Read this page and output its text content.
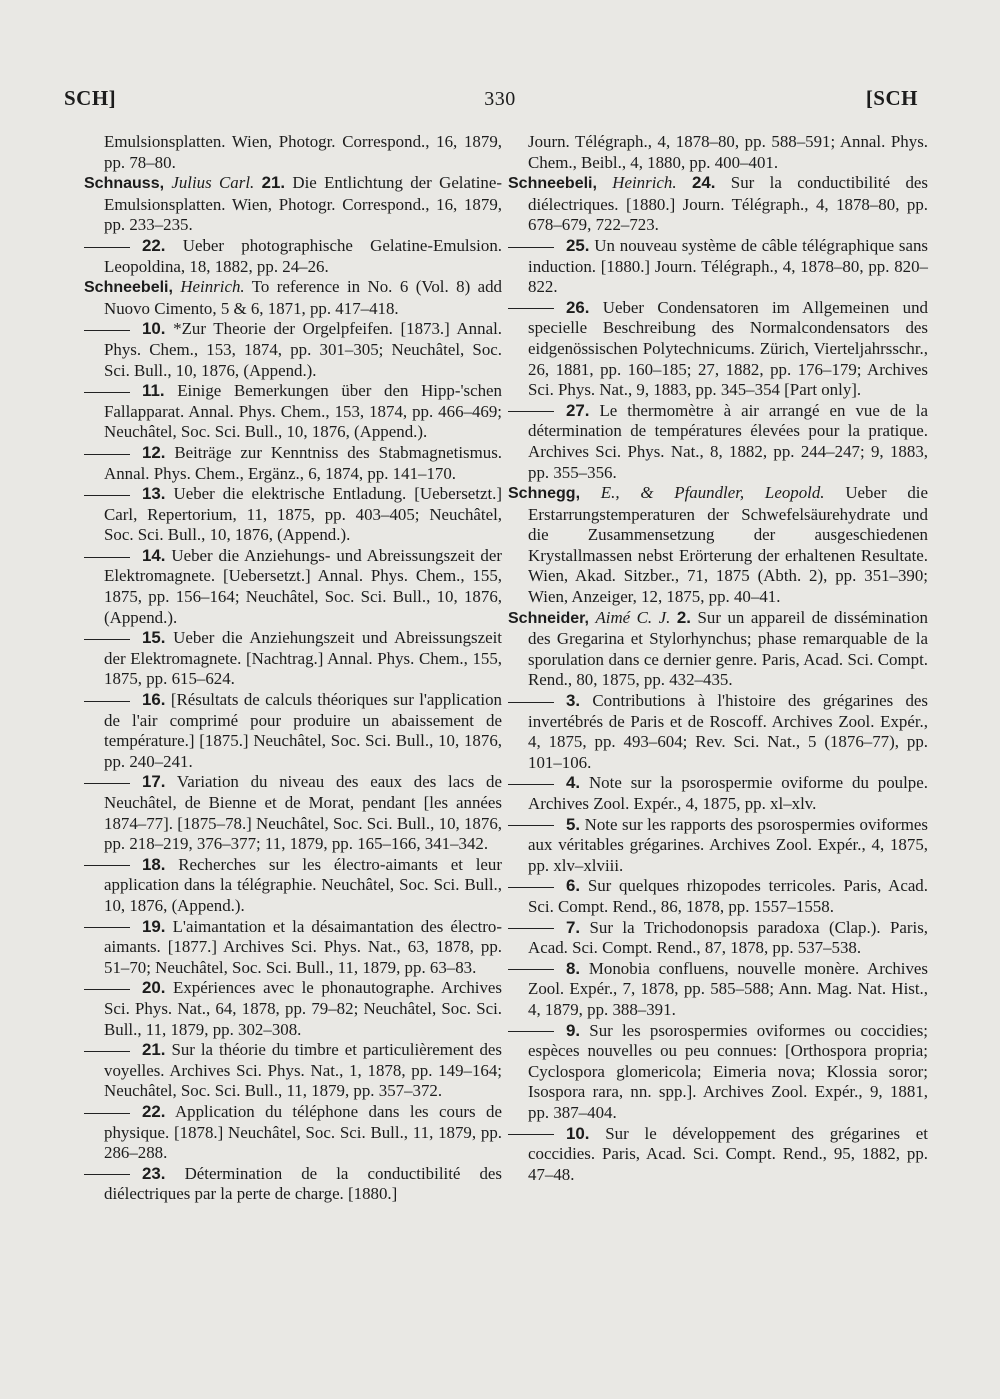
SCH]	330	[SCH

Emulsionsplatten. Wien, Photogr. Correspond., 16, 1879, pp. 78–80.

Schnauss, Julius Carl. 21. Die Entlichtung der Gelatine-Emulsionsplatten. Wien, Photogr. Correspond., 16, 1879, pp. 233–235.

22. Ueber photographische Gelatine-Emulsion. Leopoldina, 18, 1882, pp. 24–26.

Schneebeli, Heinrich. To reference in No. 6 (Vol. 8) add Nuovo Cimento, 5 & 6, 1871, pp. 417–418.

10. *Zur Theorie der Orgelpfeifen. [1873.] Annal. Phys. Chem., 153, 1874, pp. 301–305; Neuchâtel, Soc. Sci. Bull., 10, 1876, (Append.).

11. Einige Bemerkungen über den Hipp-'schen Fallapparat. Annal. Phys. Chem., 153, 1874, pp. 466–469; Neuchâtel, Soc. Sci. Bull., 10, 1876, (Append.).

12. Beiträge zur Kenntniss des Stabmagnetismus. Annal. Phys. Chem., Ergänz., 6, 1874, pp. 141–170.

13. Ueber die elektrische Entladung. [Uebersetzt.] Carl, Repertorium, 11, 1875, pp. 403–405; Neuchâtel, Soc. Sci. Bull., 10, 1876, (Append.).

14. Ueber die Anziehungs- und Abreissungszeit der Elektromagnete. [Uebersetzt.] Annal. Phys. Chem., 155, 1875, pp. 156–164; Neuchâtel, Soc. Sci. Bull., 10, 1876, (Append.).

15. Ueber die Anziehungszeit und Abreissungszeit der Elektromagnete. [Nachtrag.] Annal. Phys. Chem., 155, 1875, pp. 615–624.

16. [Résultats de calculs théoriques sur l'application de l'air comprimé pour produire un abaissement de température.] [1875.] Neuchâtel, Soc. Sci. Bull., 10, 1876, pp. 240–241.

17. Variation du niveau des eaux des lacs de Neuchâtel, de Bienne et de Morat, pendant [les années 1874–77]. [1875–78.] Neuchâtel, Soc. Sci. Bull., 10, 1876, pp. 218–219, 376–377; 11, 1879, pp. 165–166, 341–342.

18. Recherches sur les électro-aimants et leur application dans la télégraphie. Neuchâtel, Soc. Sci. Bull., 10, 1876, (Append.).

19. L'aimantation et la désaimantation des électro-aimants. [1877.] Archives Sci. Phys. Nat., 63, 1878, pp. 51–70; Neuchâtel, Soc. Sci. Bull., 11, 1879, pp. 63–83.

20. Expériences avec le phonautographe. Archives Sci. Phys. Nat., 64, 1878, pp. 79–82; Neuchâtel, Soc. Sci. Bull., 11, 1879, pp. 302–308.

21. Sur la théorie du timbre et particulièrement des voyelles. Archives Sci. Phys. Nat., 1, 1878, pp. 149–164; Neuchâtel, Soc. Sci. Bull., 11, 1879, pp. 357–372.

22. Application du téléphone dans les cours de physique. [1878.] Neuchâtel, Soc. Sci. Bull., 11, 1879, pp. 286–288.

23. Détermination de la conductibilité des diélectriques par la perte de charge. [1880.]

Journ. Télégraph., 4, 1878–80, pp. 588–591; Annal. Phys. Chem., Beibl., 4, 1880, pp. 400–401.

Schneebeli, Heinrich. 24. Sur la conductibilité des diélectriques. [1880.] Journ. Télégraph., 4, 1878–80, pp. 678–679, 722–723.

25. Un nouveau système de câble télégraphique sans induction. [1880.] Journ. Télégraph., 4, 1878–80, pp. 820–822.

26. Ueber Condensatoren im Allgemeinen und specielle Beschreibung des Normalcondensators des eidgenössischen Polytechnicums. Zürich, Vierteljahrsschr., 26, 1881, pp. 160–185; 27, 1882, pp. 176–179; Archives Sci. Phys. Nat., 9, 1883, pp. 345–354 [Part only].

27. Le thermomètre à air arrangé en vue de la détermination de températures élevées pour la pratique. Archives Sci. Phys. Nat., 8, 1882, pp. 244–247; 9, 1883, pp. 355–356.

Schnegg, E., & Pfaundler, Leopold. Ueber die Erstarrungstemperaturen der Schwefelsäurehydrate und die Zusammensetzung der ausgeschiedenen Krystallmassen nebst Erörterung der erhaltenen Resultate. Wien, Akad. Sitzber., 71, 1875 (Abth. 2), pp. 351–390; Wien, Anzeiger, 12, 1875, pp. 40–41.

Schneider, Aimé C. J. 2. Sur un appareil de dissémination des Gregarina et Stylorhynchus; phase remarquable de la sporulation dans ce dernier genre. Paris, Acad. Sci. Compt. Rend., 80, 1875, pp. 432–435.

3. Contributions à l'histoire des grégarines des invertébrés de Paris et de Roscoff. Archives Zool. Expér., 4, 1875, pp. 493–604; Rev. Sci. Nat., 5 (1876–77), pp. 101–106.

4. Note sur la psorospermie oviforme du poulpe. Archives Zool. Expér., 4, 1875, pp. xl–xlv.

5. Note sur les rapports des psorospermies oviformes aux véritables grégarines. Archives Zool. Expér., 4, 1875, pp. xlv–xlviii.

6. Sur quelques rhizopodes terricoles. Paris, Acad. Sci. Compt. Rend., 86, 1878, pp. 1557–1558.

7. Sur la Trichodonopsis paradoxa (Clap.). Paris, Acad. Sci. Compt. Rend., 87, 1878, pp. 537–538.

8. Monobia confluens, nouvelle monère. Archives Zool. Expér., 7, 1878, pp. 585–588; Ann. Mag. Nat. Hist., 4, 1879, pp. 388–391.

9. Sur les psorospermies oviformes ou coccidies; espèces nouvelles ou peu connues: [Orthospora propria; Cyclospora glomericola; Eimeria nova; Klossia soror; Isospora rara, nn. spp.]. Archives Zool. Expér., 9, 1881, pp. 387–404.

10. Sur le développement des grégarines et coccidies. Paris, Acad. Sci. Compt. Rend., 95, 1882, pp. 47–48.
